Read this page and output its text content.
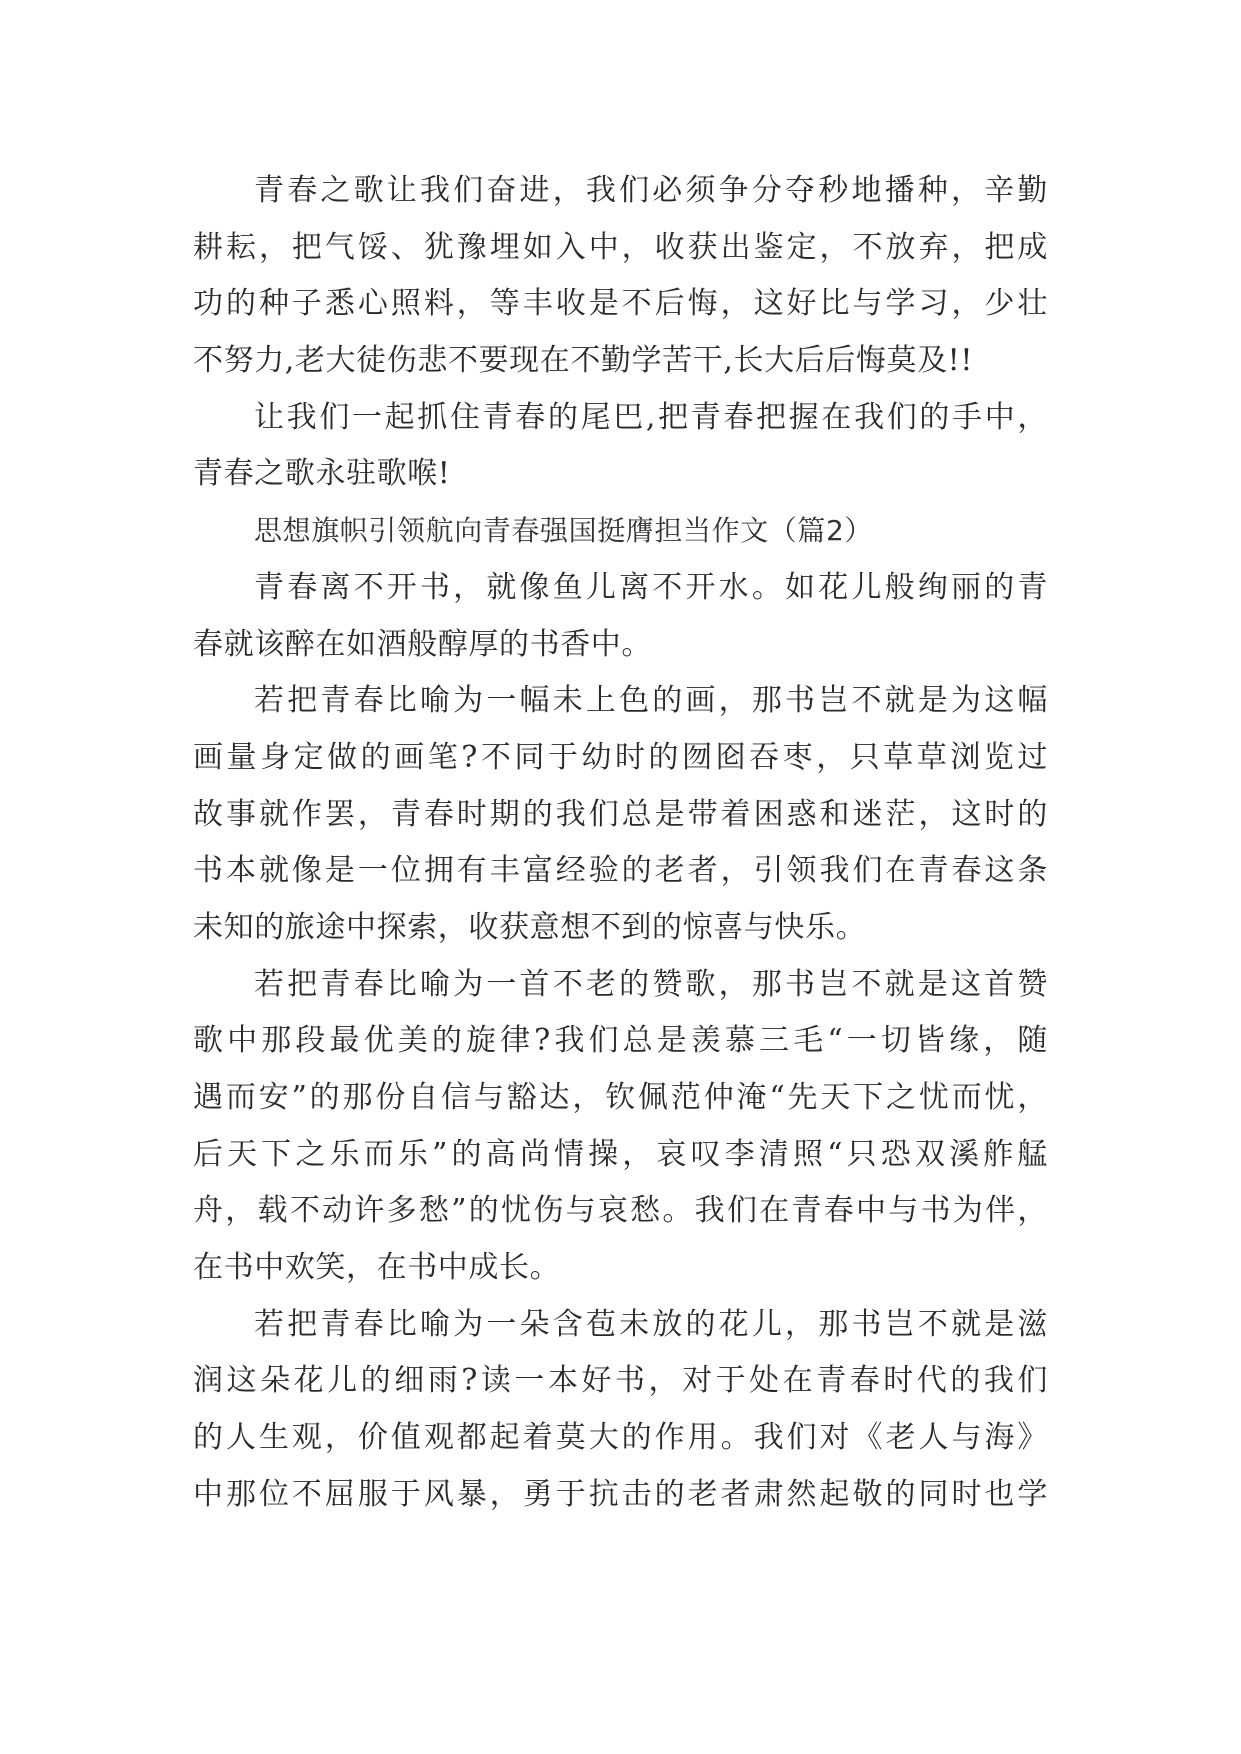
青春之歌让我们奋进，我们必须争分夺秒地播种，辛勤
耕耘，把气馁、犹豫埋如入中，收获出鉴定，不放弃，把成
功的种子悉心照料，等丰收是不后悔，这好比与学习，少壮
不努力,老大徒伤悲不要现在不勤学苦干,长大后后悔莫及!!
让我们一起抓住青春的尾巴,把青春把握在我们的手中，
青春之歌永驻歌喉!
思想旗帜引领航向青春强国挺膺担当作文（篇2）
青春离不开书，就像鱼儿离不开水。如花儿般绚丽的青
春就该醉在如酒般醇厚的书香中。
若把青春比喻为一幅未上色的画，那书岂不就是为这幅
画量身定做的画笔?不同于幼时的囫囵吞枣，只草草浏览过
故事就作罢，青春时期的我们总是带着困惑和迷茫，这时的
书本就像是一位拥有丰富经验的老者，引领我们在青春这条
未知的旅途中探索，收获意想不到的惊喜与快乐。
若把青春比喻为一首不老的赞歌，那书岂不就是这首赞
歌中那段最优美的旋律?我们总是羡慕三毛“一切皆缘，随
遇而安”的那份自信与豁达，钦佩范仲淹“先天下之忧而忧，
后天下之乐而乐”的高尚情操，哀叹李清照“只恐双溪舴艋
舟，载不动许多愁”的忧伤与哀愁。我们在青春中与书为伴，
在书中欢笑，在书中成长。
若把青春比喻为一朵含苞未放的花儿，那书岂不就是滋
润这朵花儿的细雨?读一本好书，对于处在青春时代的我们
的人生观，价值观都起着莫大的作用。我们对《老人与海》
中那位不屈服于风暴，勇于抗击的老者肃然起敬的同时也学
